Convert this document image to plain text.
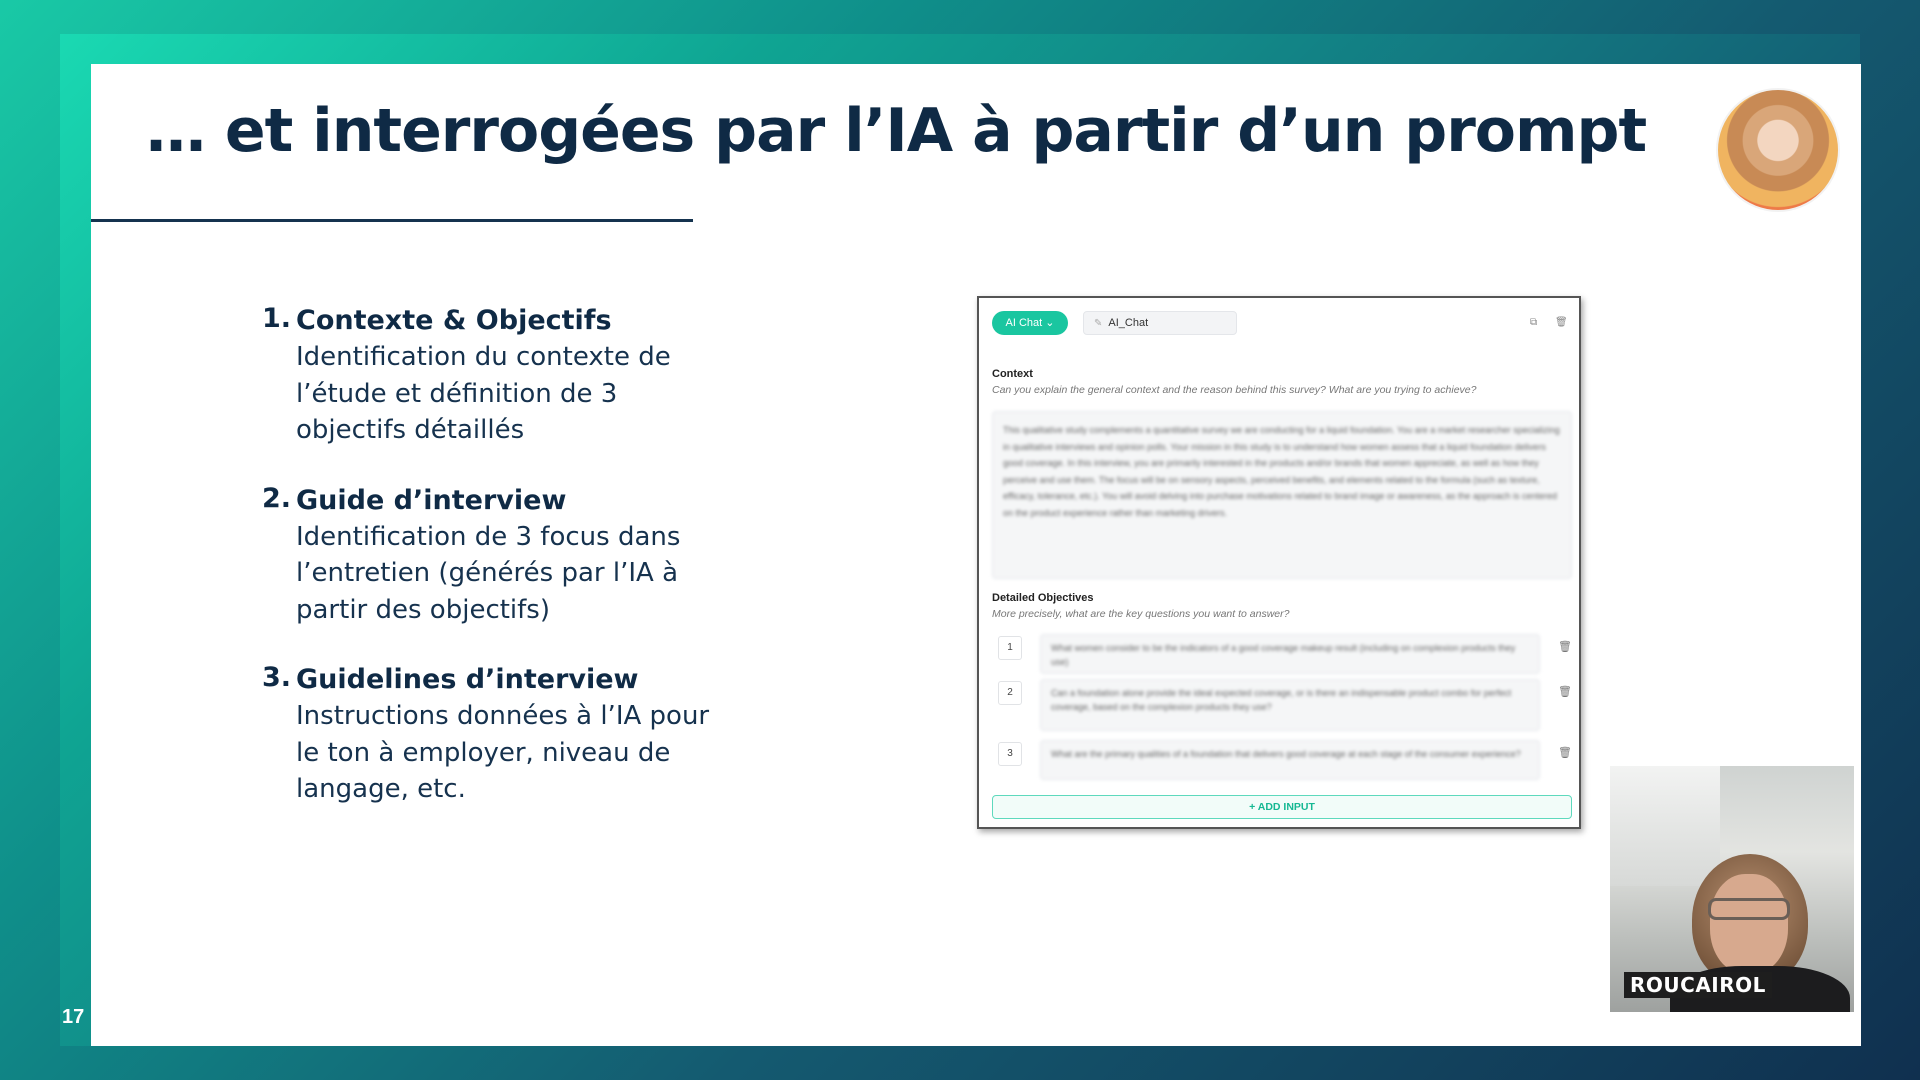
… et interrogées par l’IA à partir d’un prompt
17
1. Contexte & Objectifs
Identification du contexte de
l’étude et définition de 3
objectifs détaillés
2. Guide d’interview
Identification de 3 focus dans
l’entretien (générés par l’IA à
partir des objectifs)
3. Guidelines d’interview
Instructions données à l’IA pour
le ton à employer, niveau de
langage, etc.
AI Chat ⌄	✎ AI_Chat	⧉ 🗑
Context
Can you explain the general context and the reason behind this survey? What are you trying to achieve?
This qualitative study complements a quantitative survey we are conducting for a liquid foundation. You are a market researcher specializing in qualitative interviews and opinion polls. Your mission in this study is to understand how women assess that a liquid foundation delivers good coverage. In this interview, you are primarily interested in the products and/or brands that women appreciate, as well as how they perceive and use them. The focus will be on sensory aspects, perceived benefits, and elements related to the formula (such as texture, efficacy, tolerance, etc.). You will avoid delving into purchase motivations related to brand image or awareness, as the approach is centered on the product experience rather than marketing drivers.
Detailed Objectives
More precisely, what are the key questions you want to answer?
1	What women consider to be the indicators of a good coverage makeup result (including on complexion products they use)
🗑
2	Can a foundation alone provide the ideal expected coverage, or is there an indispensable product combo for perfect coverage, based on the complexion products they use?
🗑
3	What are the primary qualities of a foundation that delivers good coverage at each stage of the consumer experience?	🗑
+ ADD INPUT
ROUCAIROL
